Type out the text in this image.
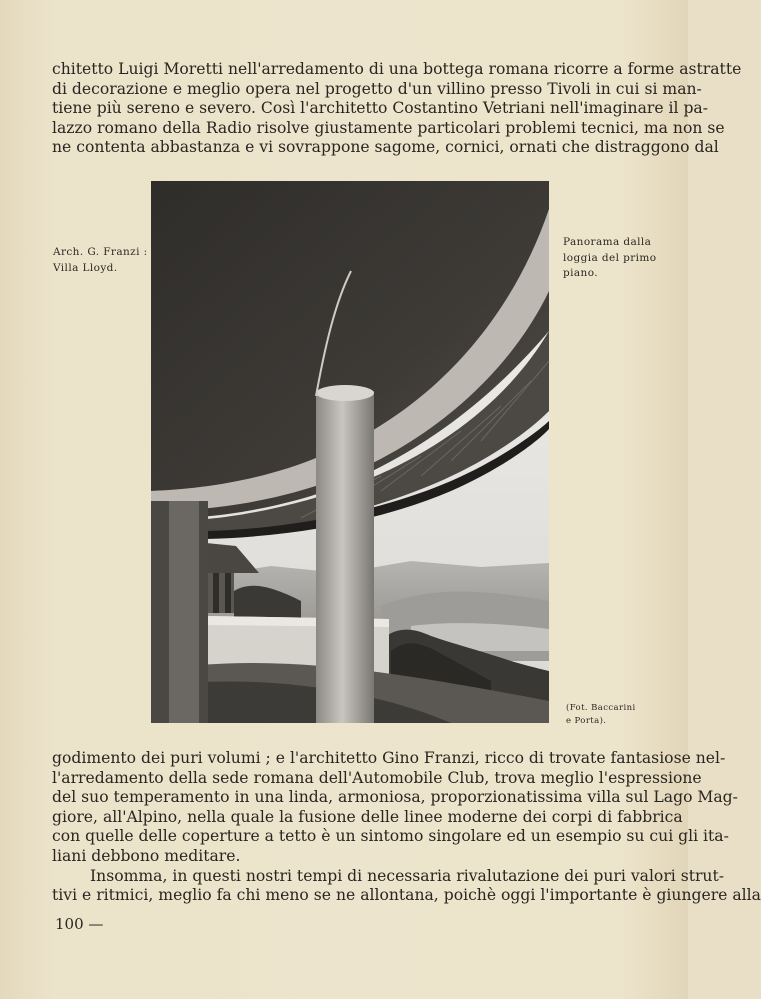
chitetto Luigi Moretti nell'arredamento di una bottega romana ricorre a forme astratte
di decorazione e meglio opera nel progetto d'un villino presso Tivoli in cui si man-
tiene più sereno e severo. Così l'architetto Costantino Vetriani nell'imaginare il pa-
lazzo romano della Radio risolve giustamente particolari problemi tecnici, ma non se
ne contenta abbastanza e vi sovrappone sagome, cornici, ornati che distraggono dal

Arch. G. Franzi :
Villa Lloyd.
Panorama dalla
loggia del primo
piano.
(Fot. Baccarini
e Porta).

godimento dei puri volumi ; e l'architetto Gino Franzi, ricco di trovate fantasiose nel-
l'arredamento della sede romana dell'Automobile Club, trova meglio l'espressione
del suo temperamento in una linda, armoniosa, proporzionatissima villa sul Lago Mag-
giore, all'Alpino, nella quale la fusione delle linee moderne dei corpi di fabbrica
con quelle delle coperture a tetto è un sintomo singolare ed un esempio su cui gli ita-
liani debbono meditare.
Insomma, in questi nostri tempi di necessaria rivalutazione dei puri valori strut-
tivi e ritmici, meglio fa chi meno se ne allontana, poichè oggi l'importante è giungere alla

100 —
